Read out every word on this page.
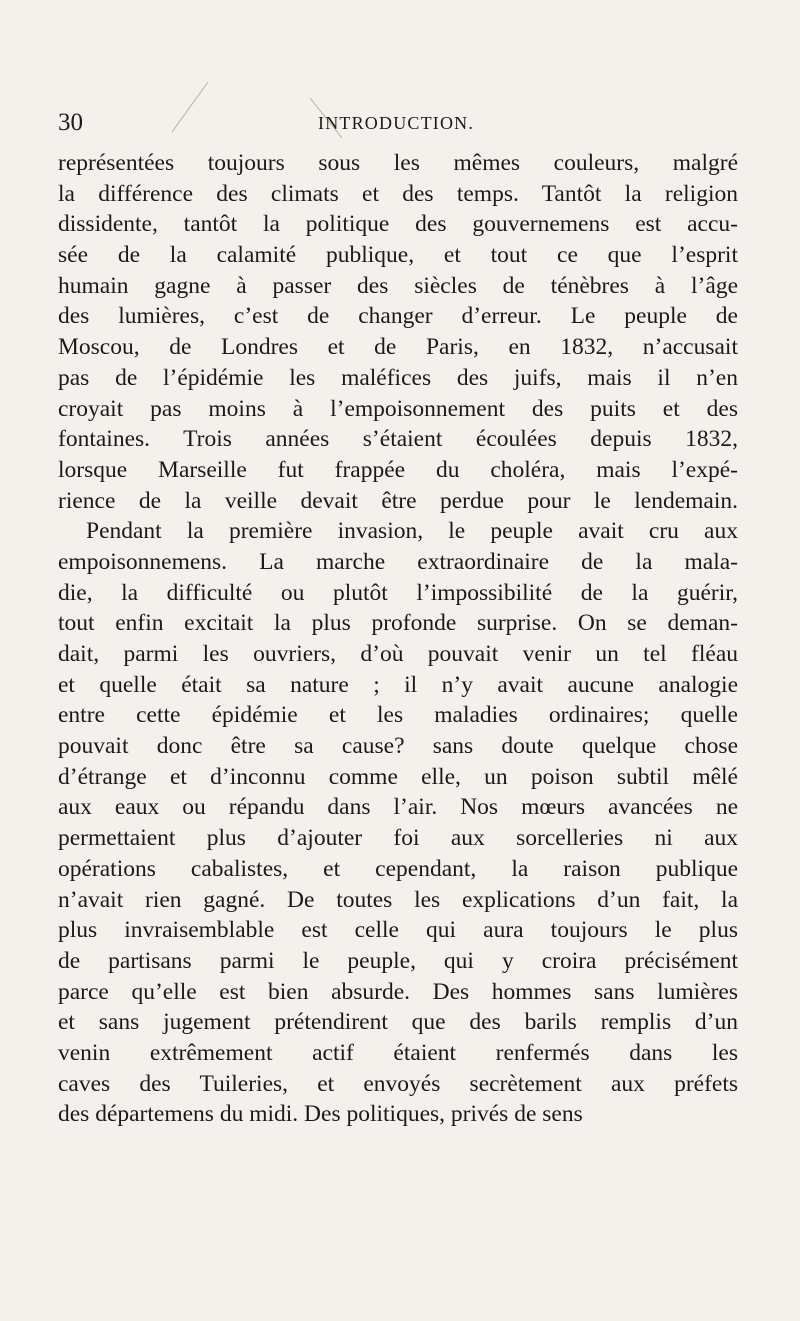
30	INTRODUCTION.
représentées toujours sous les mêmes couleurs, malgré
la différence des climats et des temps. Tantôt la religion
dissidente, tantôt la politique des gouvernemens est accu-
sée de la calamité publique, et tout ce que l’esprit
humain gagne à passer des siècles de ténèbres à l’âge
des lumières, c’est de changer d’erreur. Le peuple de
Moscou, de Londres et de Paris, en 1832, n’accusait
pas de l’épidémie les maléfices des juifs, mais il n’en
croyait pas moins à l’empoisonnement des puits et des
fontaines. Trois années s’étaient écoulées depuis 1832,
lorsque Marseille fut frappée du choléra, mais l’expé-
rience de la veille devait être perdue pour le lendemain.
Pendant la première invasion, le peuple avait cru aux
empoisonnemens. La marche extraordinaire de la mala-
die, la difficulté ou plutôt l’impossibilité de la guérir,
tout enfin excitait la plus profonde surprise. On se deman-
dait, parmi les ouvriers, d’où pouvait venir un tel fléau
et quelle était sa nature ; il n’y avait aucune analogie
entre cette épidémie et les maladies ordinaires; quelle
pouvait donc être sa cause? sans doute quelque chose
d’étrange et d’inconnu comme elle, un poison subtil mêlé
aux eaux ou répandu dans l’air. Nos mœurs avancées ne
permettaient plus d’ajouter foi aux sorcelleries ni aux
opérations cabalistes, et cependant, la raison publique
n’avait rien gagné. De toutes les explications d’un fait, la
plus invraisemblable est celle qui aura toujours le plus
de partisans parmi le peuple, qui y croira précisément
parce qu’elle est bien absurde. Des hommes sans lumières
et sans jugement prétendirent que des barils remplis d’un
venin extrêmement actif étaient renfermés dans les
caves des Tuileries, et envoyés secrètement aux préfets
des départemens du midi. Des politiques, privés de sens
